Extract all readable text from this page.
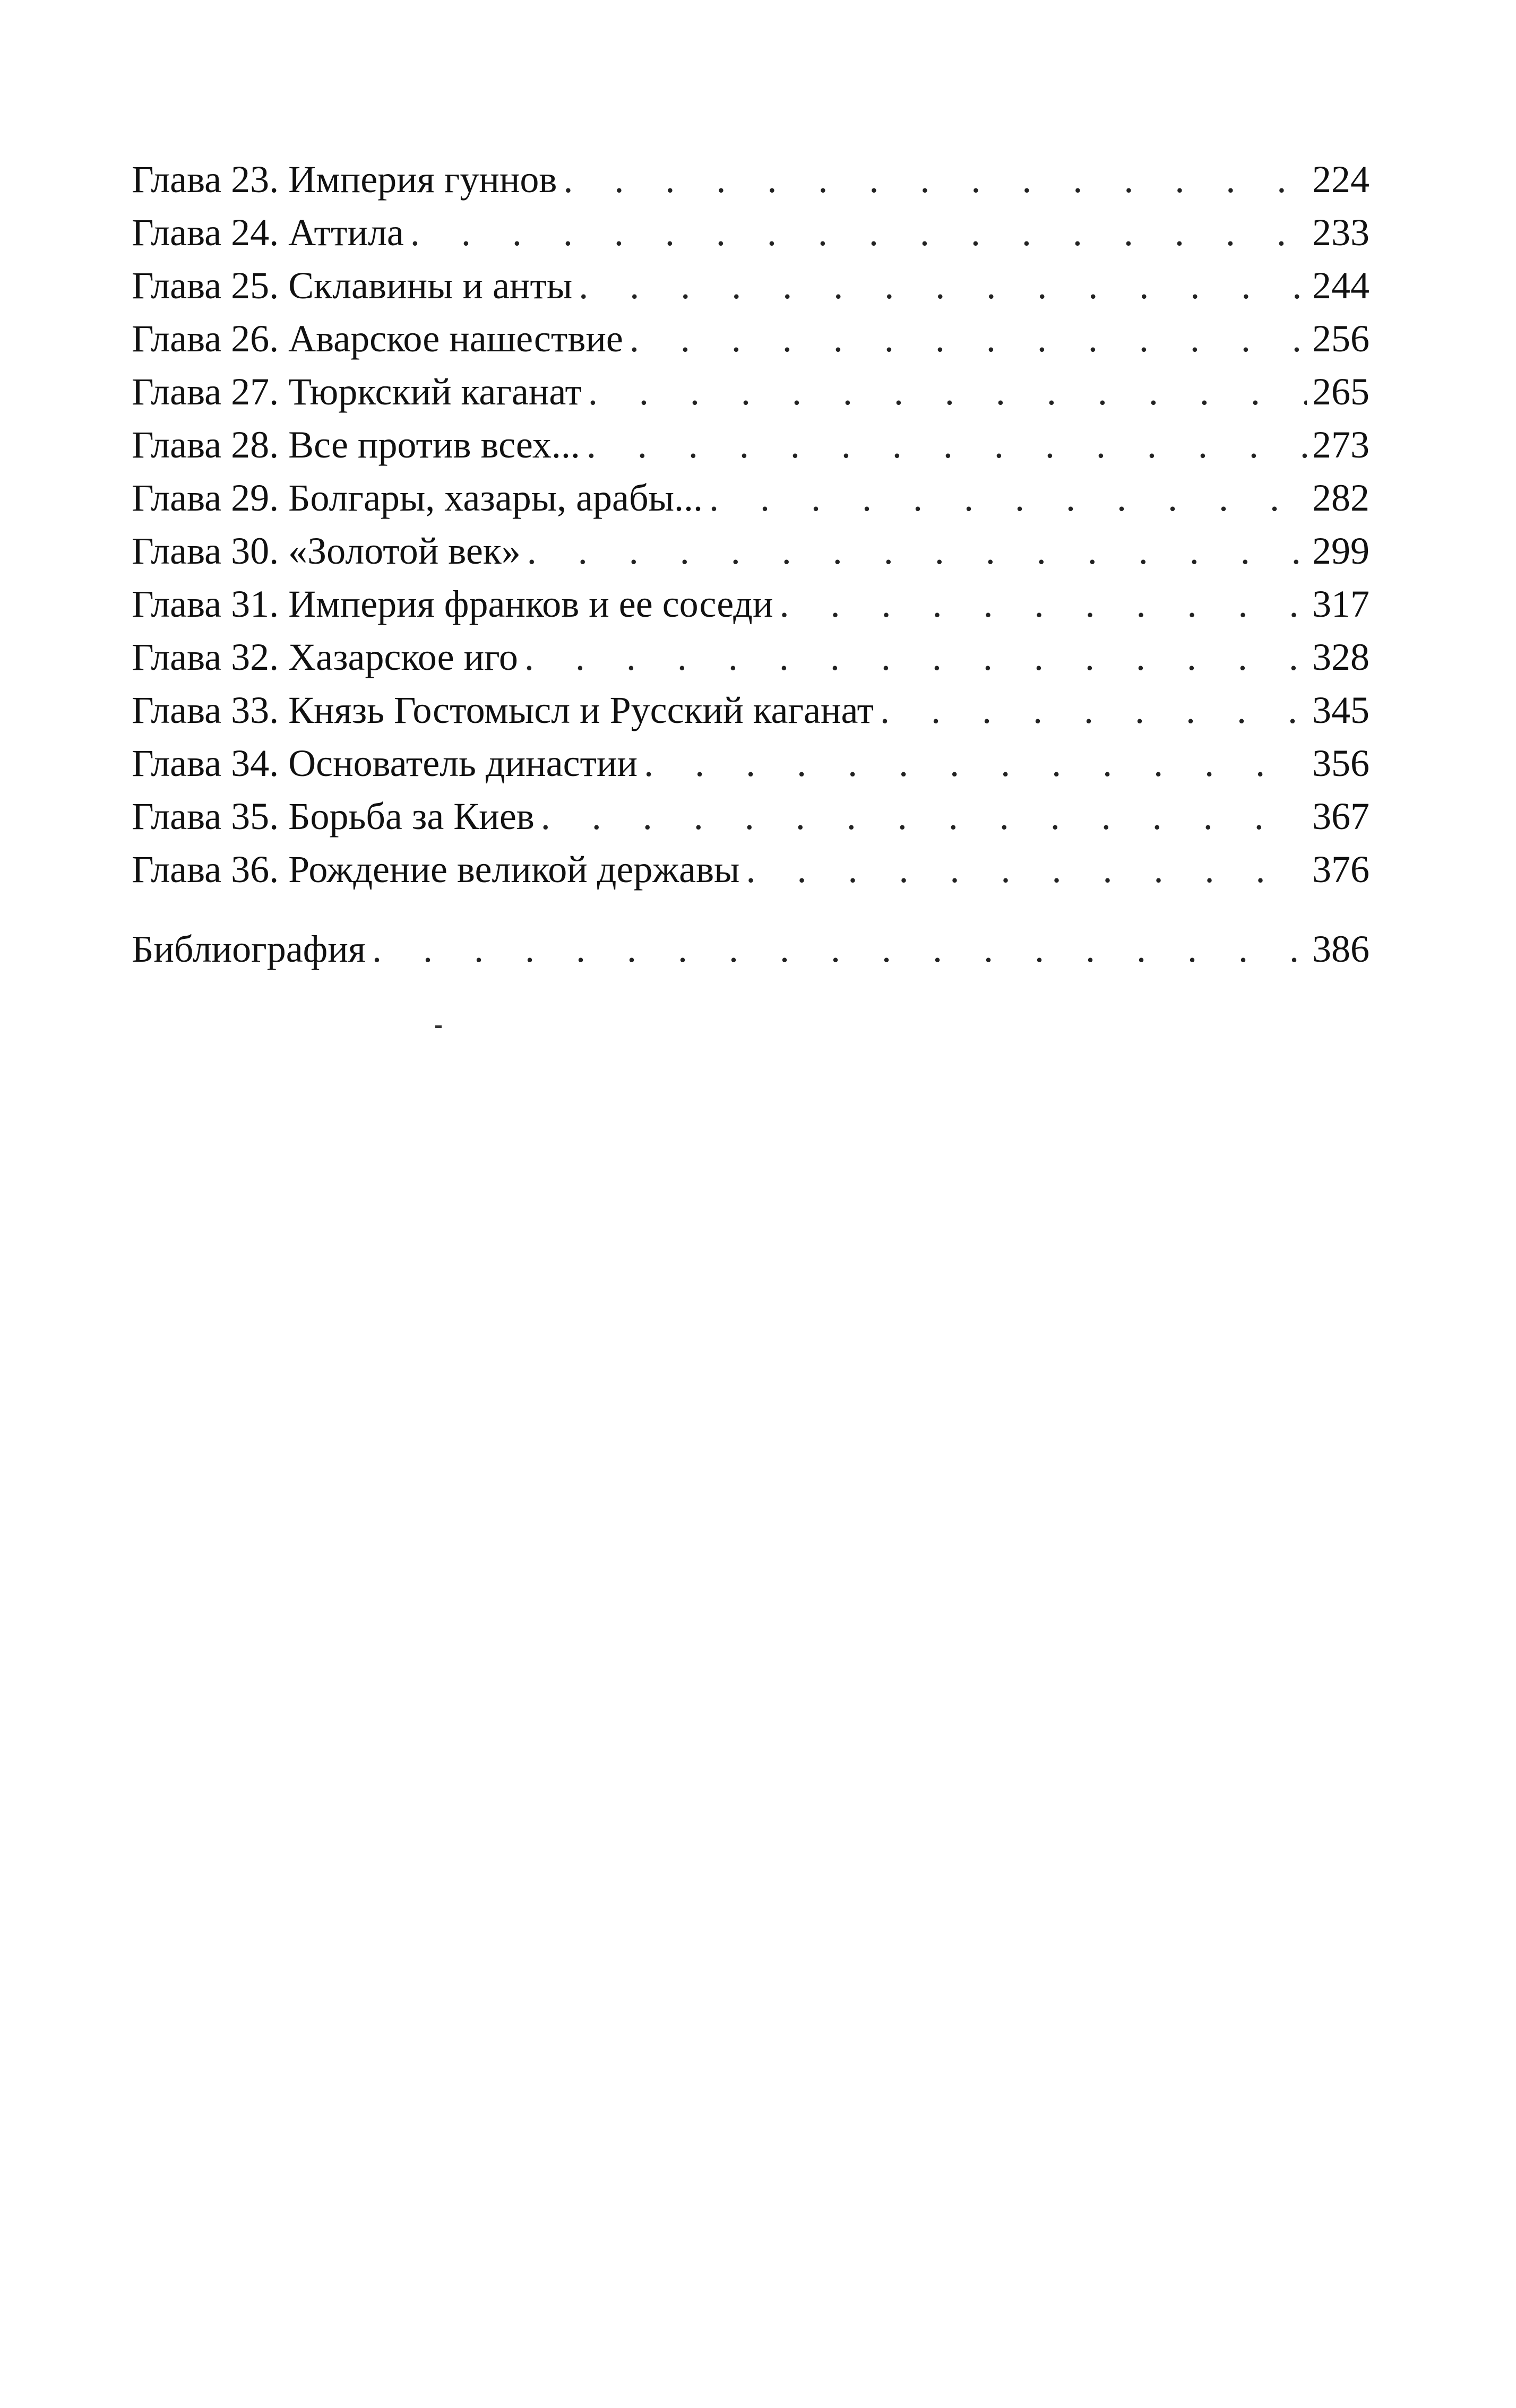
Глава 23. Империя гуннов . . .	224
Глава 24. Аттила . . .	233
Глава 25. Склавины и анты . . .	244
Глава 26. Аварское нашествие . . .	256
Глава 27. Тюркский каганат . . .	265
Глава 28. Все против всех... . . .	273
Глава 29. Болгары, хазары, арабы... . . .	282
Глава 30. «Золотой век» . . .	299
Глава 31. Империя франков и ее соседи . . .	317
Глава 32. Хазарское иго . . .	328
Глава 33. Князь Гостомысл и Русский каганат . . .	345
Глава 34. Основатель династии . . .	356
Глава 35. Борьба за Киев . . .	367
Глава 36. Рождение великой державы . . .	376
Библиография . . .	386
